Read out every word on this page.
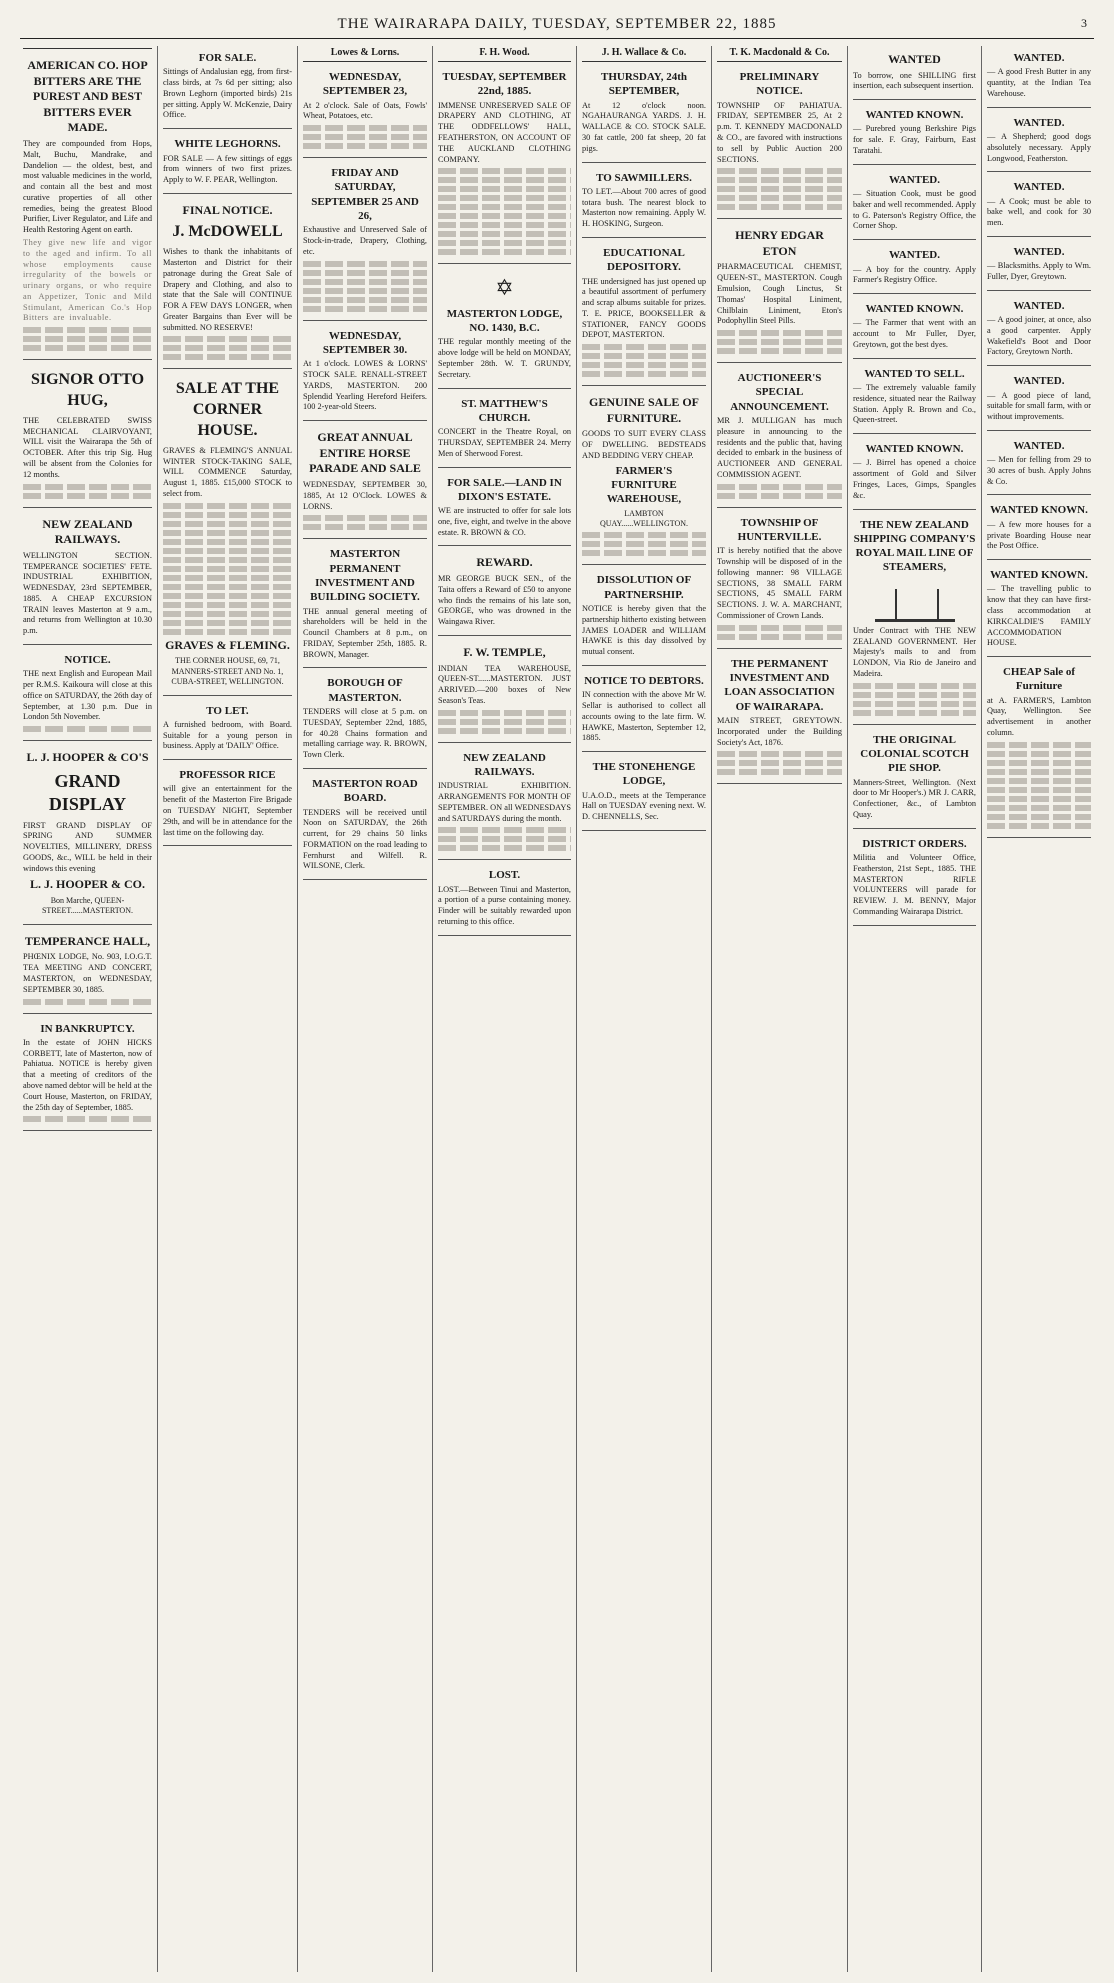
THE WAIRARAPA DAILY, TUESDAY, SEPTEMBER 22, 1885	3
AMERICAN CO. HOP BITTERS ARE THE PUREST AND BEST BITTERS EVER MADE.
They are compounded from Hops, Malt, Buchu, Mandrake, and Dandelion — the oldest, best, and most valuable medicines in the world, and contain all the best and most curative properties of all other remedies, being the greatest Blood Purifier, Liver Regulator, and Life and Health Restoring Agent on earth.
They give new life and vigor to the aged and infirm. To all whose employments cause irregularity of the bowels or urinary organs, or who require an Appetizer, Tonic and Mild Stimulant, American Co.'s Hop Bitters are invaluable.
SIGNOR OTTO HUG,
THE CELEBRATED SWISS MECHANICAL CLAIRVOYANT, WILL visit the Wairarapa the 5th of OCTOBER. After this trip Sig. Hug will be absent from the Colonies for 12 months.
NEW ZEALAND RAILWAYS.
WELLINGTON SECTION. TEMPERANCE SOCIETIES' FETE. INDUSTRIAL EXHIBITION, WEDNESDAY, 23rd SEPTEMBER, 1885. A CHEAP EXCURSION TRAIN leaves Masterton at 9 a.m., and returns from Wellington at 10.30 p.m.
NOTICE.
THE next English and European Mail per R.M.S. Kaikoura will close at this office on SATURDAY, the 26th day of September, at 1.30 p.m. Due in London 5th November.
L. J. HOOPER & CO'S
GRAND DISPLAY
FIRST GRAND DISPLAY OF SPRING AND SUMMER NOVELTIES, MILLINERY, DRESS GOODS, &c., WILL be held in their windows this evening
L. J. HOOPER & CO.
Bon Marche, QUEEN-STREET......MASTERTON.
TEMPERANCE HALL,
PHŒNIX LODGE, No. 903, I.O.G.T. TEA MEETING AND CONCERT, MASTERTON, on WEDNESDAY, SEPTEMBER 30, 1885.
IN BANKRUPTCY.
In the estate of JOHN HICKS CORBETT, late of Masterton, now of Pahiatua. NOTICE is hereby given that a meeting of creditors of the above named debtor will be held at the Court House, Masterton, on FRIDAY, the 25th day of September, 1885.
FOR SALE.
Sittings of Andalusian egg, from first-class birds, at 7s 6d per sitting; also Brown Leghorn (imported birds) 21s per sitting. Apply W. McKenzie, Dairy Office.
WHITE LEGHORNS.
FOR SALE — A few sittings of eggs from winners of two first prizes. Apply to W. F. PEAR, Wellington.
FINAL NOTICE.
J. McDOWELL
Wishes to thank the inhabitants of Masterton and District for their patronage during the Great Sale of Drapery and Clothing, and also to state that the Sale will CONTINUE FOR A FEW DAYS LONGER, when Greater Bargains than Ever will be submitted. NO RESERVE!
SALE AT THE CORNER HOUSE.
GRAVES & FLEMING'S ANNUAL WINTER STOCK-TAKING SALE, WILL COMMENCE Saturday, August 1, 1885. £15,000 STOCK to select from.
GRAVES & FLEMING.
THE CORNER HOUSE, 69, 71, MANNERS-STREET AND No. 1, CUBA-STREET, WELLINGTON.
TO LET.
A furnished bedroom, with Board. Suitable for a young person in business. Apply at 'DAILY' Office.
PROFESSOR RICE
will give an entertainment for the benefit of the Masterton Fire Brigade on TUESDAY NIGHT, September 29th, and will be in attendance for the last time on the following day.
Lowes & Lorns.
WEDNESDAY, SEPTEMBER 23,
At 2 o'clock. Sale of Oats, Fowls' Wheat, Potatoes, etc.
FRIDAY AND SATURDAY, SEPTEMBER 25 AND 26,
Exhaustive and Unreserved Sale of Stock-in-trade, Drapery, Clothing, etc.
WEDNESDAY, SEPTEMBER 30.
At 1 o'clock. LOWES & LORNS' STOCK SALE. RENALL-STREET YARDS, MASTERTON. 200 Splendid Yearling Hereford Heifers. 100 2-year-old Steers.
GREAT ANNUAL ENTIRE HORSE PARADE AND SALE
WEDNESDAY, SEPTEMBER 30, 1885, At 12 O'Clock. LOWES & LORNS.
MASTERTON PERMANENT INVESTMENT AND BUILDING SOCIETY.
THE annual general meeting of shareholders will be held in the Council Chambers at 8 p.m., on FRIDAY, September 25th, 1885. R. BROWN, Manager.
BOROUGH OF MASTERTON.
TENDERS will close at 5 p.m. on TUESDAY, September 22nd, 1885, for 40.28 Chains formation and metalling carriage way. R. BROWN, Town Clerk.
MASTERTON ROAD BOARD.
TENDERS will be received until Noon on SATURDAY, the 26th current, for 29 chains 50 links FORMATION on the road leading to Fernhurst and Wilfell. R. WILSONE, Clerk.
F. H. Wood.
TUESDAY, SEPTEMBER 22nd, 1885.
IMMENSE UNRESERVED SALE OF DRAPERY AND CLOTHING, AT THE ODDFELLOWS' HALL, FEATHERSTON, ON ACCOUNT OF THE AUCKLAND CLOTHING COMPANY.
✡
MASTERTON LODGE, NO. 1430, B.C.
THE regular monthly meeting of the above lodge will be held on MONDAY, September 28th. W. T. GRUNDY, Secretary.
ST. MATTHEW'S CHURCH.
CONCERT in the Theatre Royal, on THURSDAY, SEPTEMBER 24. Merry Men of Sherwood Forest.
FOR SALE.—LAND IN DIXON'S ESTATE.
WE are instructed to offer for sale lots one, five, eight, and twelve in the above estate. R. BROWN & CO.
REWARD.
MR GEORGE BUCK SEN., of the Taita offers a Reward of £50 to anyone who finds the remains of his late son, GEORGE, who was drowned in the Waingawa River.
F. W. TEMPLE,
INDIAN TEA WAREHOUSE, QUEEN-ST......MASTERTON. JUST ARRIVED.—200 boxes of New Season's Teas.
NEW ZEALAND RAILWAYS.
INDUSTRIAL EXHIBITION. ARRANGEMENTS FOR MONTH OF SEPTEMBER. ON all WEDNESDAYS and SATURDAYS during the month.
LOST.
LOST.—Between Tinui and Masterton, a portion of a purse containing money. Finder will be suitably rewarded upon returning to this office.
J. H. Wallace & Co.
THURSDAY, 24th SEPTEMBER,
At 12 o'clock noon. NGAHAURANGA YARDS. J. H. WALLACE & CO. STOCK SALE. 30 fat cattle, 200 fat sheep, 20 fat pigs.
TO SAWMILLERS.
TO LET.—About 700 acres of good totara bush. The nearest block to Masterton now remaining. Apply W. H. HOSKING, Surgeon.
EDUCATIONAL DEPOSITORY.
THE undersigned has just opened up a beautiful assortment of perfumery and scrap albums suitable for prizes. T. E. PRICE, BOOKSELLER & STATIONER, FANCY GOODS DEPOT, MASTERTON.
GENUINE SALE OF FURNITURE.
GOODS TO SUIT EVERY CLASS OF DWELLING. BEDSTEADS AND BEDDING VERY CHEAP.
FARMER'S FURNITURE WAREHOUSE,
LAMBTON QUAY......WELLINGTON.
DISSOLUTION OF PARTNERSHIP.
NOTICE is hereby given that the partnership hitherto existing between JAMES LOADER and WILLIAM HAWKE is this day dissolved by mutual consent.
NOTICE TO DEBTORS.
IN connection with the above Mr W. Sellar is authorised to collect all accounts owing to the late firm. W. HAWKE, Masterton, September 12, 1885.
THE STONEHENGE LODGE,
U.A.O.D., meets at the Temperance Hall on TUESDAY evening next. W. D. CHENNELLS, Sec.
T. K. Macdonald & Co.
PRELIMINARY NOTICE.
TOWNSHIP OF PAHIATUA. FRIDAY, SEPTEMBER 25, At 2 p.m. T. KENNEDY MACDONALD & CO., are favored with instructions to sell by Public Auction 200 SECTIONS.
HENRY EDGAR ETON
PHARMACEUTICAL CHEMIST, QUEEN-ST., MASTERTON. Cough Emulsion, Cough Linctus, St Thomas' Hospital Liniment, Chilblain Liniment, Eton's Podophyllin Steel Pills.
AUCTIONEER'S SPECIAL ANNOUNCEMENT.
MR J. MULLIGAN has much pleasure in announcing to the residents and the public that, having decided to embark in the business of AUCTIONEER AND GENERAL COMMISSION AGENT.
TOWNSHIP OF HUNTERVILLE.
IT is hereby notified that the above Township will be disposed of in the following manner: 98 VILLAGE SECTIONS, 38 SMALL FARM SECTIONS, 45 SMALL FARM SECTIONS. J. W. A. MARCHANT, Commissioner of Crown Lands.
THE PERMANENT INVESTMENT AND LOAN ASSOCIATION OF WAIRARAPA.
MAIN STREET, GREYTOWN. Incorporated under the Building Society's Act, 1876.
WANTED
To borrow, one SHILLING first insertion, each subsequent insertion.
WANTED KNOWN.
— Purebred young Berkshire Pigs for sale. F. Gray, Fairburn, East Taratahi.
WANTED.
— Situation Cook, must be good baker and well recommended. Apply to G. Paterson's Registry Office, the Corner Shop.
WANTED.
— A boy for the country. Apply Farmer's Registry Office.
WANTED KNOWN.
— The Farmer that went with an account to Mr Fuller, Dyer, Greytown, got the best dyes.
WANTED TO SELL.
— The extremely valuable family residence, situated near the Railway Station. Apply R. Brown and Co., Queen-street.
WANTED KNOWN.
— J. Birrel has opened a choice assortment of Gold and Silver Fringes, Laces, Gimps, Spangles &c.
THE NEW ZEALAND SHIPPING COMPANY'S ROYAL MAIL LINE OF STEAMERS,
Under Contract with THE NEW ZEALAND GOVERNMENT. Her Majesty's mails to and from LONDON, Via Rio de Janeiro and Madeira.
THE ORIGINAL COLONIAL SCOTCH PIE SHOP.
Manners-Street, Wellington. (Next door to Mr Hooper's.) MR J. CARR, Confectioner, &c., of Lambton Quay.
DISTRICT ORDERS.
Militia and Volunteer Office, Featherston, 21st Sept., 1885. THE MASTERTON RIFLE VOLUNTEERS will parade for REVIEW. J. M. BENNY, Major Commanding Wairarapa District.
WANTED.
— A good Fresh Butter in any quantity, at the Indian Tea Warehouse.
WANTED.
— A Shepherd; good dogs absolutely necessary. Apply Longwood, Featherston.
WANTED.
— A Cook; must be able to bake well, and cook for 30 men.
WANTED.
— Blacksmiths. Apply to Wm. Fuller, Dyer, Greytown.
WANTED.
— A good joiner, at once, also a good carpenter. Apply Wakefield's Boot and Door Factory, Greytown North.
WANTED.
— A good piece of land, suitable for small farm, with or without improvements.
WANTED.
— Men for felling from 29 to 30 acres of bush. Apply Johns & Co.
WANTED KNOWN.
— A few more houses for a private Boarding House near the Post Office.
WANTED KNOWN.
— The travelling public to know that they can have first-class accommodation at KIRKCALDIE'S FAMILY ACCOMMODATION HOUSE.
CHEAP Sale of Furniture
at A. FARMER'S, Lambton Quay, Wellington. See advertisement in another column.
